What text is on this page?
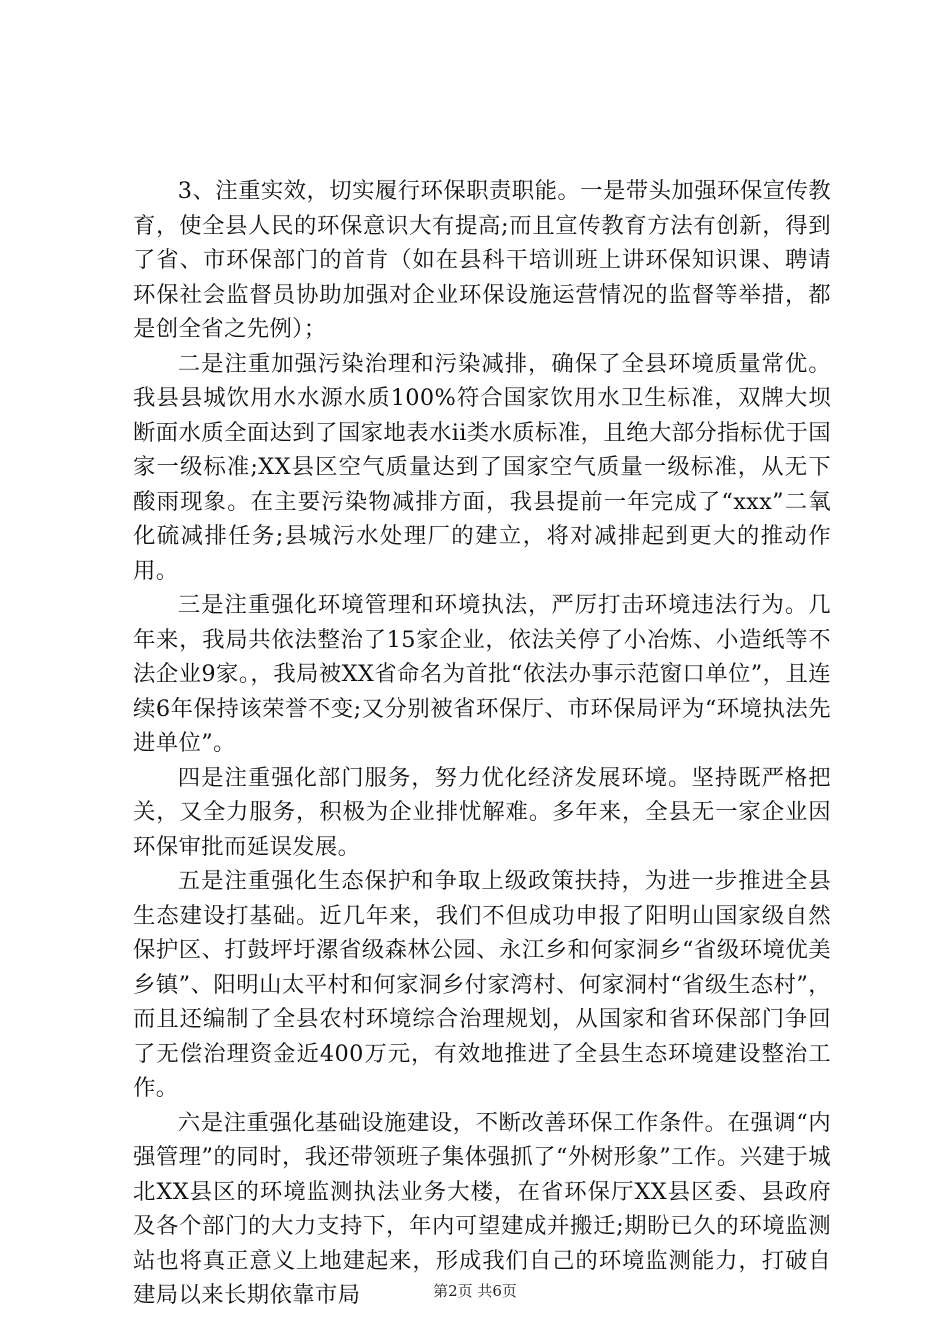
3、注重实效，切实履行环保职责职能。一是带头加强环保宣传教育，使全县人民的环保意识大有提高;而且宣传教育方法有创新，得到了省、市环保部门的首肯（如在县科干培训班上讲环保知识课、聘请环保社会监督员协助加强对企业环保设施运营情况的监督等举措，都是创全省之先例）；

二是注重加强污染治理和污染减排，确保了全县环境质量常优。我县县城饮用水水源水质100%符合国家饮用水卫生标准，双牌大坝断面水质全面达到了国家地表水ii类水质标准，且绝大部分指标优于国家一级标准;XX县区空气质量达到了国家空气质量一级标准，从无下酸雨现象。在主要污染物减排方面，我县提前一年完成了“xxx”二氧化硫减排任务;县城污水处理厂的建立，将对减排起到更大的推动作用。

三是注重强化环境管理和环境执法，严厉打击环境违法行为。几年来，我局共依法整治了15家企业，依法关停了小冶炼、小造纸等不法企业9家。，我局被XX省命名为首批“依法办事示范窗口单位”，且连续6年保持该荣誉不变;又分别被省环保厅、市环保局评为“环境执法先进单位”。

四是注重强化部门服务，努力优化经济发展环境。坚持既严格把关，又全力服务，积极为企业排忧解难。多年来，全县无一家企业因环保审批而延误发展。

五是注重强化生态保护和争取上级政策扶持，为进一步推进全县生态建设打基础。近几年来，我们不但成功申报了阳明山国家级自然保护区、打鼓坪圩漯省级森林公园、永江乡和何家洞乡“省级环境优美乡镇”、阳明山太平村和何家洞乡付家湾村、何家洞村“省级生态村”，而且还编制了全县农村环境综合治理规划，从国家和省环保部门争回了无偿治理资金近400万元，有效地推进了全县生态环境建设整治工作。

六是注重强化基础设施建设，不断改善环保工作条件。在强调“内强管理”的同时，我还带领班子集体强抓了“外树形象”工作。兴建于城北XX县区的环境监测执法业务大楼，在省环保厅XX县区委、县政府及各个部门的大力支持下，年内可望建成并搬迁;期盼已久的环境监测站也将真正意义上地建起来，形成我们自己的环境监测能力，打破自建局以来长期依靠市局	第2页 共6页
